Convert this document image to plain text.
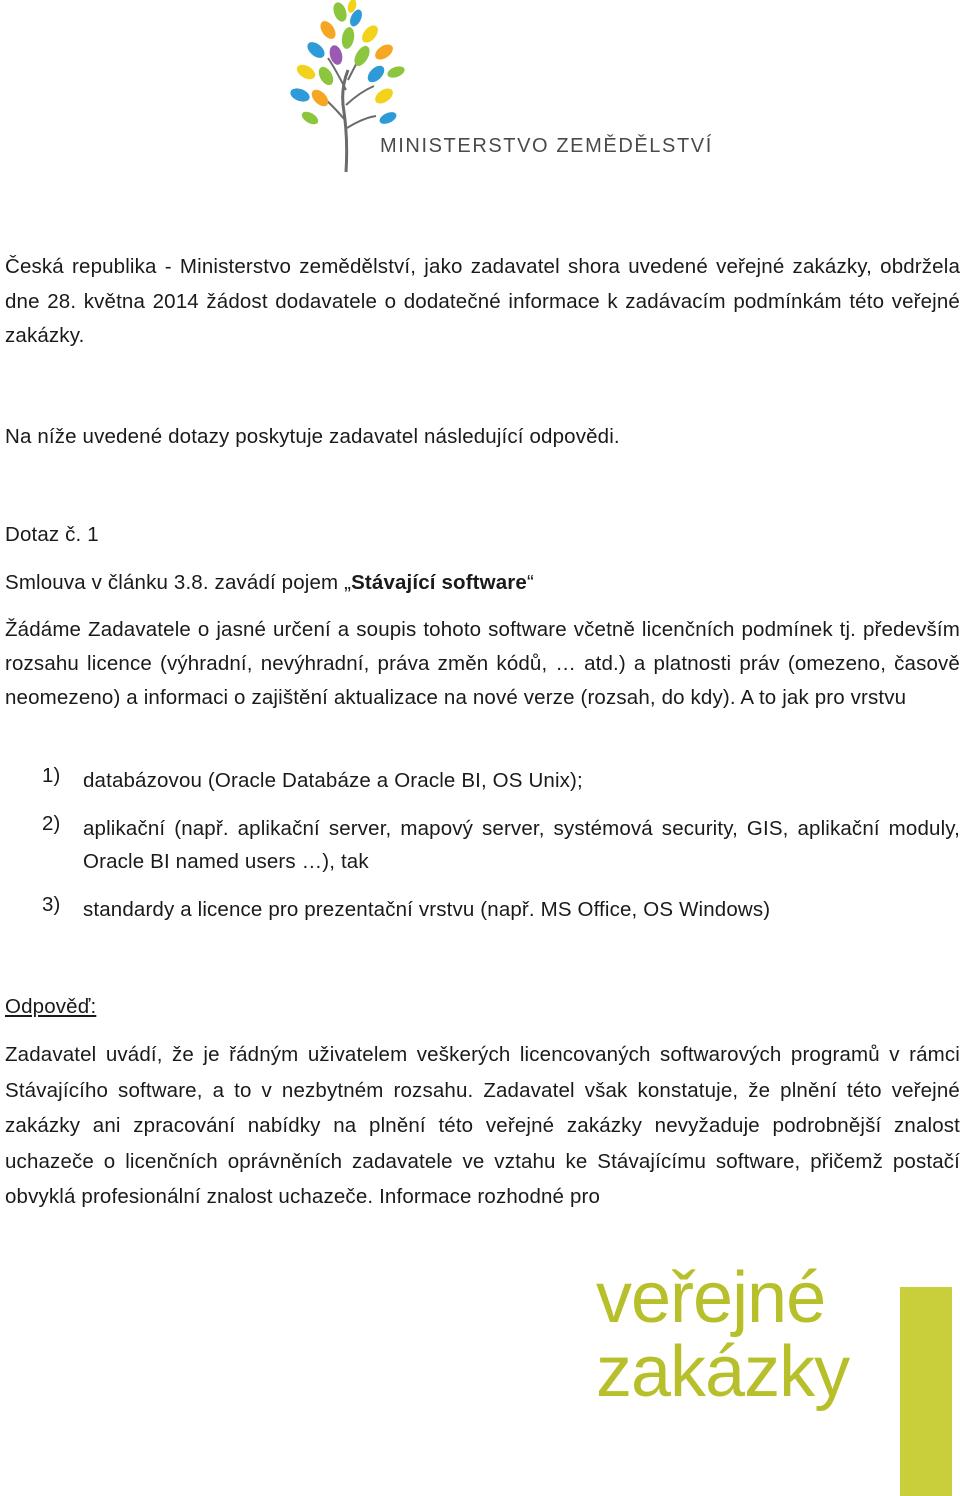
MINISTERSTVO ZEMĚDĚLSTVÍ
Česká republika - Ministerstvo zemědělství, jako zadavatel shora uvedené veřejné zakázky, obdržela dne 28. května 2014 žádost dodavatele o dodatečné informace k zadávacím podmínkám této veřejné zakázky.
Na níže uvedené dotazy poskytuje zadavatel následující odpovědi.
Dotaz č. 1
Smlouva v článku 3.8. zavádí pojem „Stávající software“
Žádáme Zadavatele o jasné určení a soupis tohoto software včetně licenčních podmínek tj. především rozsahu licence (výhradní, nevýhradní, práva změn kódů, … atd.) a platnosti práv (omezeno, časově neomezeno) a informaci o zajištění aktualizace na nové verze (rozsah, do kdy). A to jak pro vrstvu
1)	databázovou (Oracle Databáze a Oracle BI, OS Unix);
2)	aplikační (např. aplikační server, mapový server, systémová security, GIS, aplikační moduly, Oracle BI named users …), tak
3)	standardy a licence pro prezentační vrstvu (např. MS Office, OS Windows)
Odpověď:
Zadavatel uvádí, že je řádným uživatelem veškerých licencovaných softwarových programů v rámci Stávajícího software, a to v nezbytném rozsahu. Zadavatel však konstatuje, že plnění této veřejné zakázky ani zpracování nabídky na plnění této veřejné zakázky nevyžaduje podrobnější znalost uchazeče o licenčních oprávněních zadavatele ve vztahu ke Stávajícímu software, přičemž postačí obvyklá profesionální znalost uchazeče. Informace rozhodné pro
veřejné
zakázky
